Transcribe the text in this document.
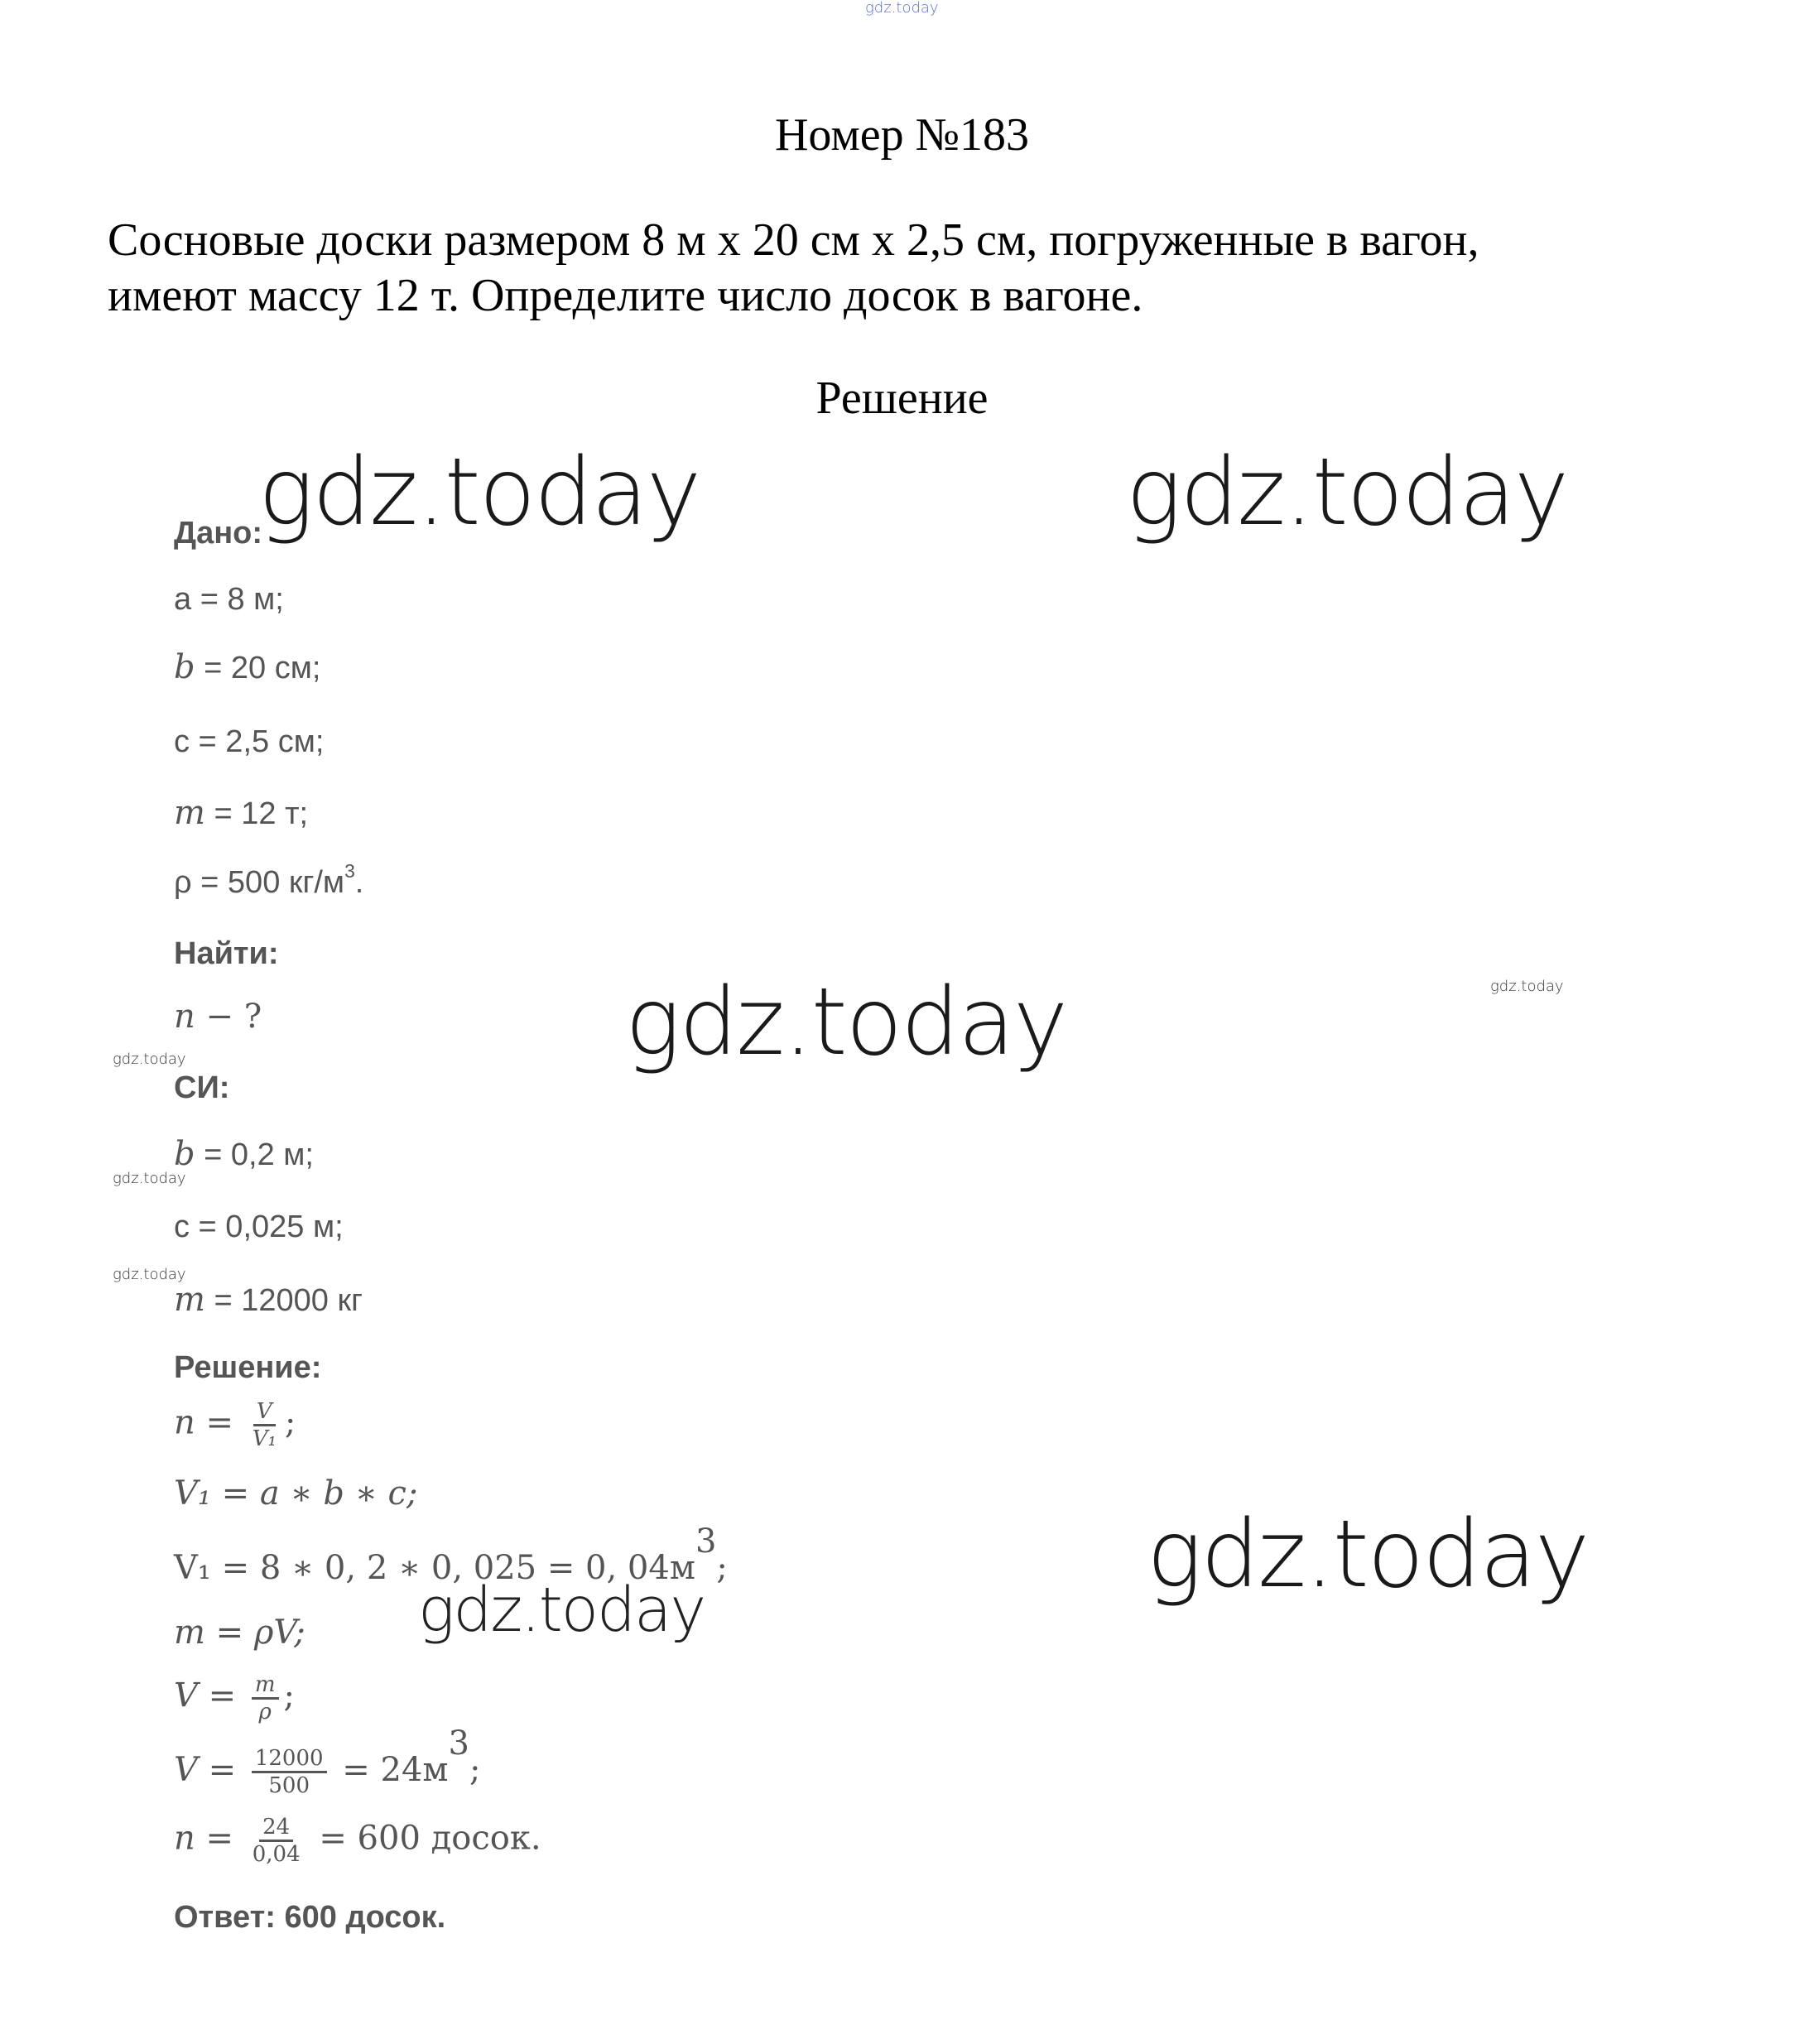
gdz.today
Номер №183
Сосновые доски размером 8 м х 20 см х 2,5 см, погруженные в вагон,
имеют массу 12 т. Определите число досок в вагоне.
Решение
Дано:
a = 8 м;
b = 20 см;
c = 2,5 см;
m = 12 т;
ρ = 500 $кг/м^3$.
Найти:
n − ?
СИ:
b = 0,2 м;
c = 0,025 м;
m = 12000 кг
Решение:
$n = \frac{V}{\text{V₁}}$ ;
V₁ = a ∗ b ∗ c;
V₁ = 8 ∗ 0, 2 ∗ 0, 025 = 0, $04м^3$;
m = ρV;
$V = \frac{m}{\rho}$ ;
$V = \frac{12000}{500} = 24м^3$;
$n = \frac{24}{0,04} = 600$ досок.
Ответ: 600 досок.
gdz.today	gdz.today
gdz.today
gdz.today
gdz.today
gdz.today
gdz.today
gdz.today
gdz.today
